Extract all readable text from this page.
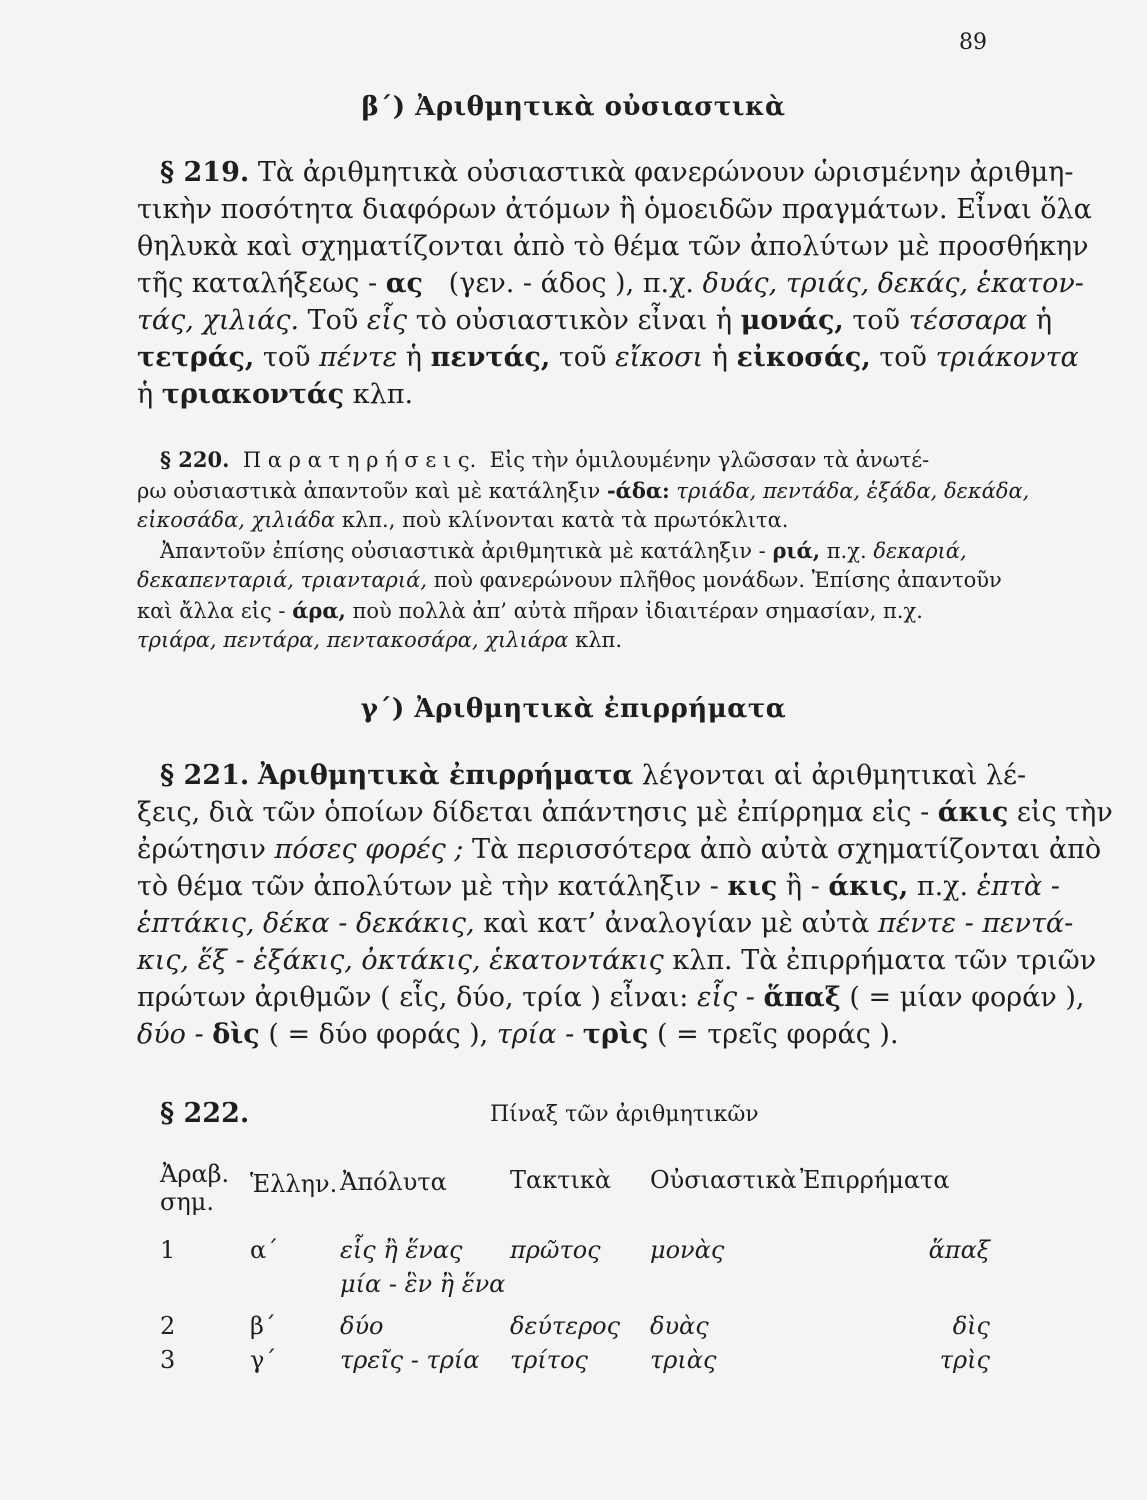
89
β΄) Ἀριθμητικὰ οὐσιαστικὰ
§ 219. Τὰ ἀριθμητικὰ οὐσιαστικὰ φανερώνουν ὡρισμένην ἀριθμη-
τικὴν ποσότητα διαφόρων ἀτόμων ἢ ὁμοειδῶν πραγμάτων. Εἶναι ὅλα
θηλυκὰ καὶ σχηματίζονται ἀπὸ τὸ θέμα τῶν ἀπολύτων μὲ προσθήκην
τῆς καταλήξεως - ας (γεν. - άδος ), π.χ. δυάς, τριάς, δεκάς, ἑκατον-
τάς, χιλιάς. Τοῦ εἷς τὸ οὐσιαστικὸν εἶναι ἡ μονάς, τοῦ τέσσαρα ἡ
τετράς, τοῦ πέντε ἡ πεντάς, τοῦ εἴκοσι ἡ εἰκοσάς, τοῦ τριάκοντα
ἡ τριακοντάς κλπ.
§ 220. Π α ρ α τ η ρ ή σ ε ι ς. Εἰς τὴν ὁμιλουμένην γλῶσσαν τὰ ἀνωτέ-
ρω οὐσιαστικὰ ἀπαντοῦν καὶ μὲ κατάληξιν -άδα: τριάδα, πεντάδα, ἑξάδα, δεκάδα,
εἰκοσάδα, χιλιάδα κλπ., ποὺ κλίνονται κατὰ τὰ πρωτόκλιτα.
Ἀπαντοῦν ἐπίσης οὐσιαστικὰ ἀριθμητικὰ μὲ κατάληξιν - ριά, π.χ. δεκαριά,
δεκαπενταριά, τριανταριά, ποὺ φανερώνουν πλῆθος μονάδων. Ἐπίσης ἀπαντοῦν
καὶ ἄλλα εἰς - άρα, ποὺ πολλὰ ἀπ’ αὐτὰ πῆραν ἰδιαιτέραν σημασίαν, π.χ.
τριάρα, πεντάρα, πεντακοσάρα, χιλιάρα κλπ.
γ΄) Ἀριθμητικὰ ἐπιρρήματα
§ 221. Ἀριθμητικὰ ἐπιρρήματα λέγονται αἱ ἀριθμητικαὶ λέ-
ξεις, διὰ τῶν ὁποίων δίδεται ἀπάντησις μὲ ἐπίρρημα εἰς - άκις εἰς τὴν
ἐρώτησιν πόσες φορές ; Τὰ περισσότερα ἀπὸ αὐτὰ σχηματίζονται ἀπὸ
τὸ θέμα τῶν ἀπολύτων μὲ τὴν κατάληξιν - κις ἢ - άκις, π.χ. ἑπτὰ -
ἑπτάκις, δέκα - δεκάκις, καὶ κατ’ ἀναλογίαν μὲ αὐτὰ πέντε - πεντά-
κις, ἕξ - ἑξάκις, ὀκτάκις, ἑκατοντάκις κλπ. Τὰ ἐπιρρήματα τῶν τριῶν
πρώτων ἀριθμῶν ( εἷς, δύο, τρία ) εἶναι: εἷς - ἅπαξ ( = μίαν φοράν ),
δύο - δὶς ( = δύο φοράς ), τρία - τρὶς ( = τρεῖς φοράς ).
§ 222.	Πίναξ τῶν ἀριθμητικῶν
Ἀραβ. σημ.	Ἑλλην.	Ἀπόλυτα	Τακτικὰ	Οὐσιαστικὰ	Ἐπιρρήματα
1	α΄	εἷς ἢ ἕνας	πρῶτος	μονὰς	ἅπαξ
		μία - ἓν ἢ ἕνα			
2	β΄	δύο	δεύτερος	δυὰς	δὶς
3	γ΄	τρεῖς - τρία	τρίτος	τριὰς	τρὶς
